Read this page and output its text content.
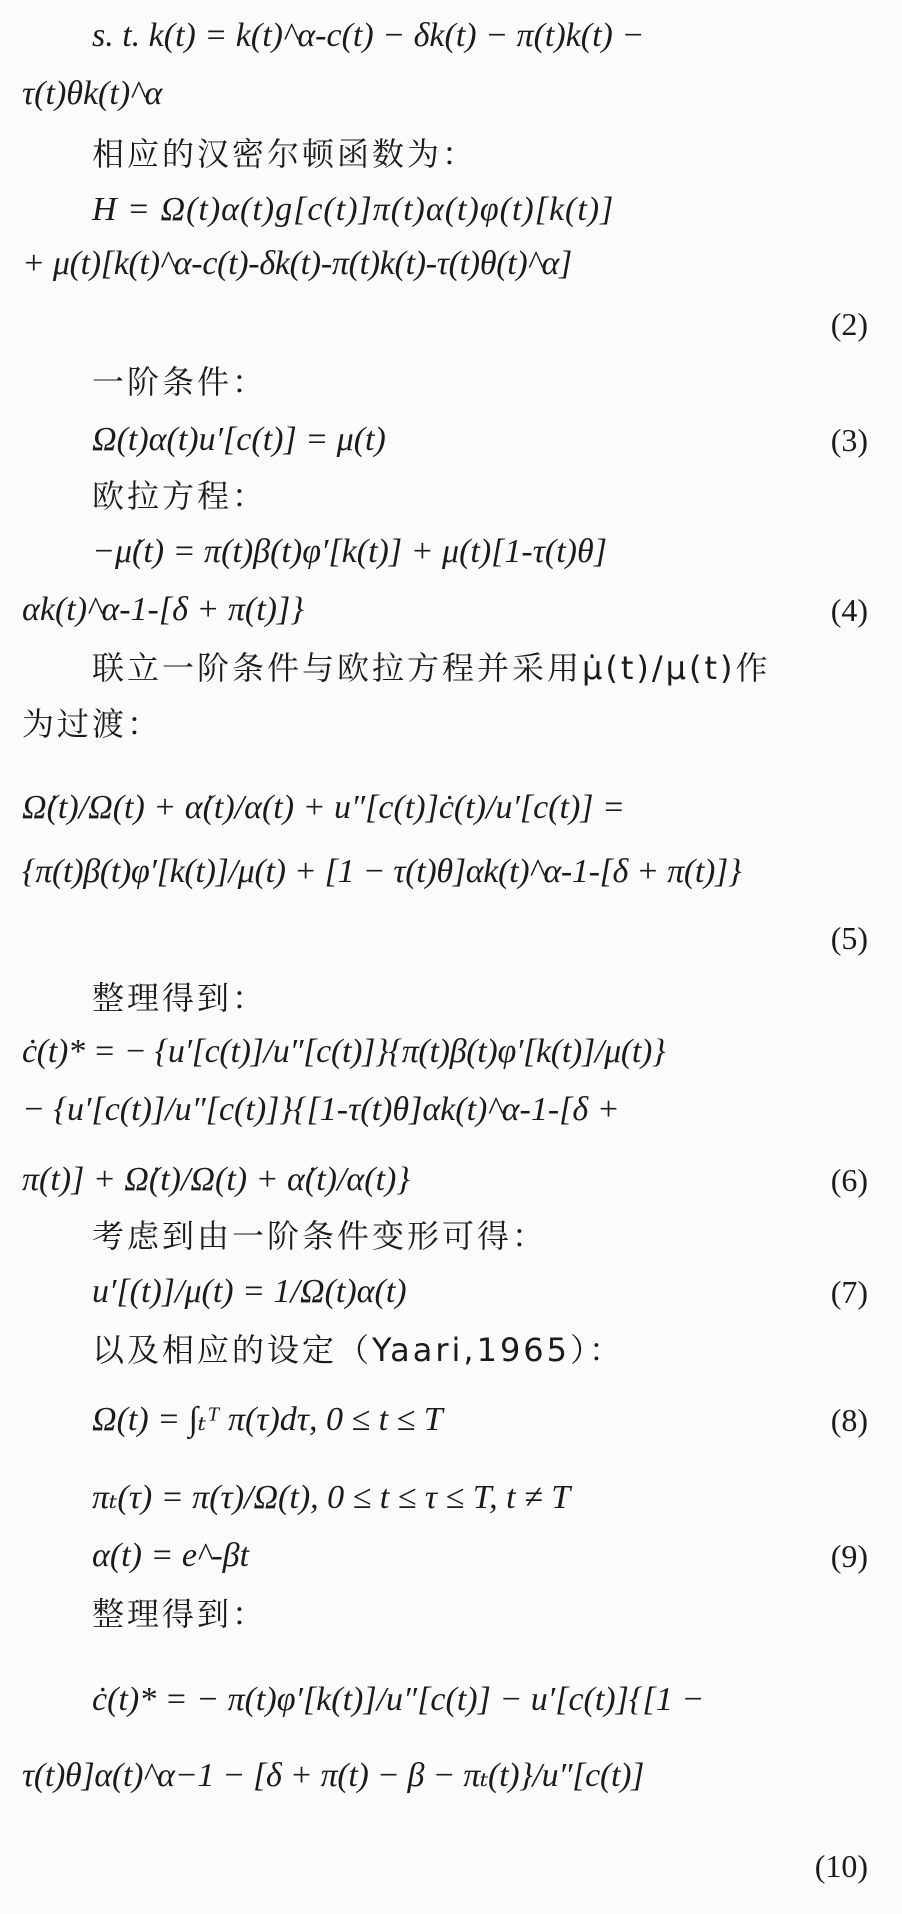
s. t. k(t) = k(t)^α-c(t) − δk(t) − π(t)k(t) −
τ(t)θk(t)^α
相应的汉密尔顿函数为：
H = Ω(t)α(t)g[c(t)]π(t)α(t)φ(t)[k(t)]
+ μ(t)[k(t)^α-c(t)-δk(t)-π(t)k(t)-τ(t)θ(t)^α]
(2)
一阶条件：
Ω(t)α(t)u′[c(t)] = μ(t)	(3)
欧拉方程：
−μ̇(t) = π(t)β(t)φ′[k(t)] + μ(t)[1-τ(t)θ]
αk(t)^α-1-[δ + π(t)]}	(4)
联立一阶条件与欧拉方程并采用μ̇(t)/μ(t)作
为过渡：
Ω̇(t)/Ω(t) + α̇(t)/α(t) + u″[c(t)]ċ(t)/u′[c(t)] =
{π(t)β(t)φ′[k(t)]/μ(t) + [1 − τ(t)θ]αk(t)^α-1-[δ + π(t)]}
(5)
整理得到：
ċ(t)* = − {u′[c(t)]/u″[c(t)]}{π(t)β(t)φ′[k(t)]/μ(t)}
− {u′[c(t)]/u″[c(t)]}{[1-τ(t)θ]αk(t)^α-1-[δ +
π(t)] + Ω̇(t)/Ω(t) + α̇(t)/α(t)}	(6)
考虑到由一阶条件变形可得：
u′[(t)]/μ(t) = 1/Ω(t)α(t)	(7)
以及相应的设定（Yaari,1965）：
Ω(t) = ∫ₜᵀ π(τ)dτ, 0 ≤ t ≤ T	(8)
πₜ(τ) = π(τ)/Ω(t), 0 ≤ t ≤ τ ≤ T, t ≠ T
α(t) = e^-βt	(9)
整理得到：
ċ(t)* = − π(t)φ′[k(t)]/u″[c(t)] − u′[c(t)]{[1 −
τ(t)θ]α(t)^α−1 − [δ + π(t) − β − πₜ(t)}/u″[c(t)]
(10)
